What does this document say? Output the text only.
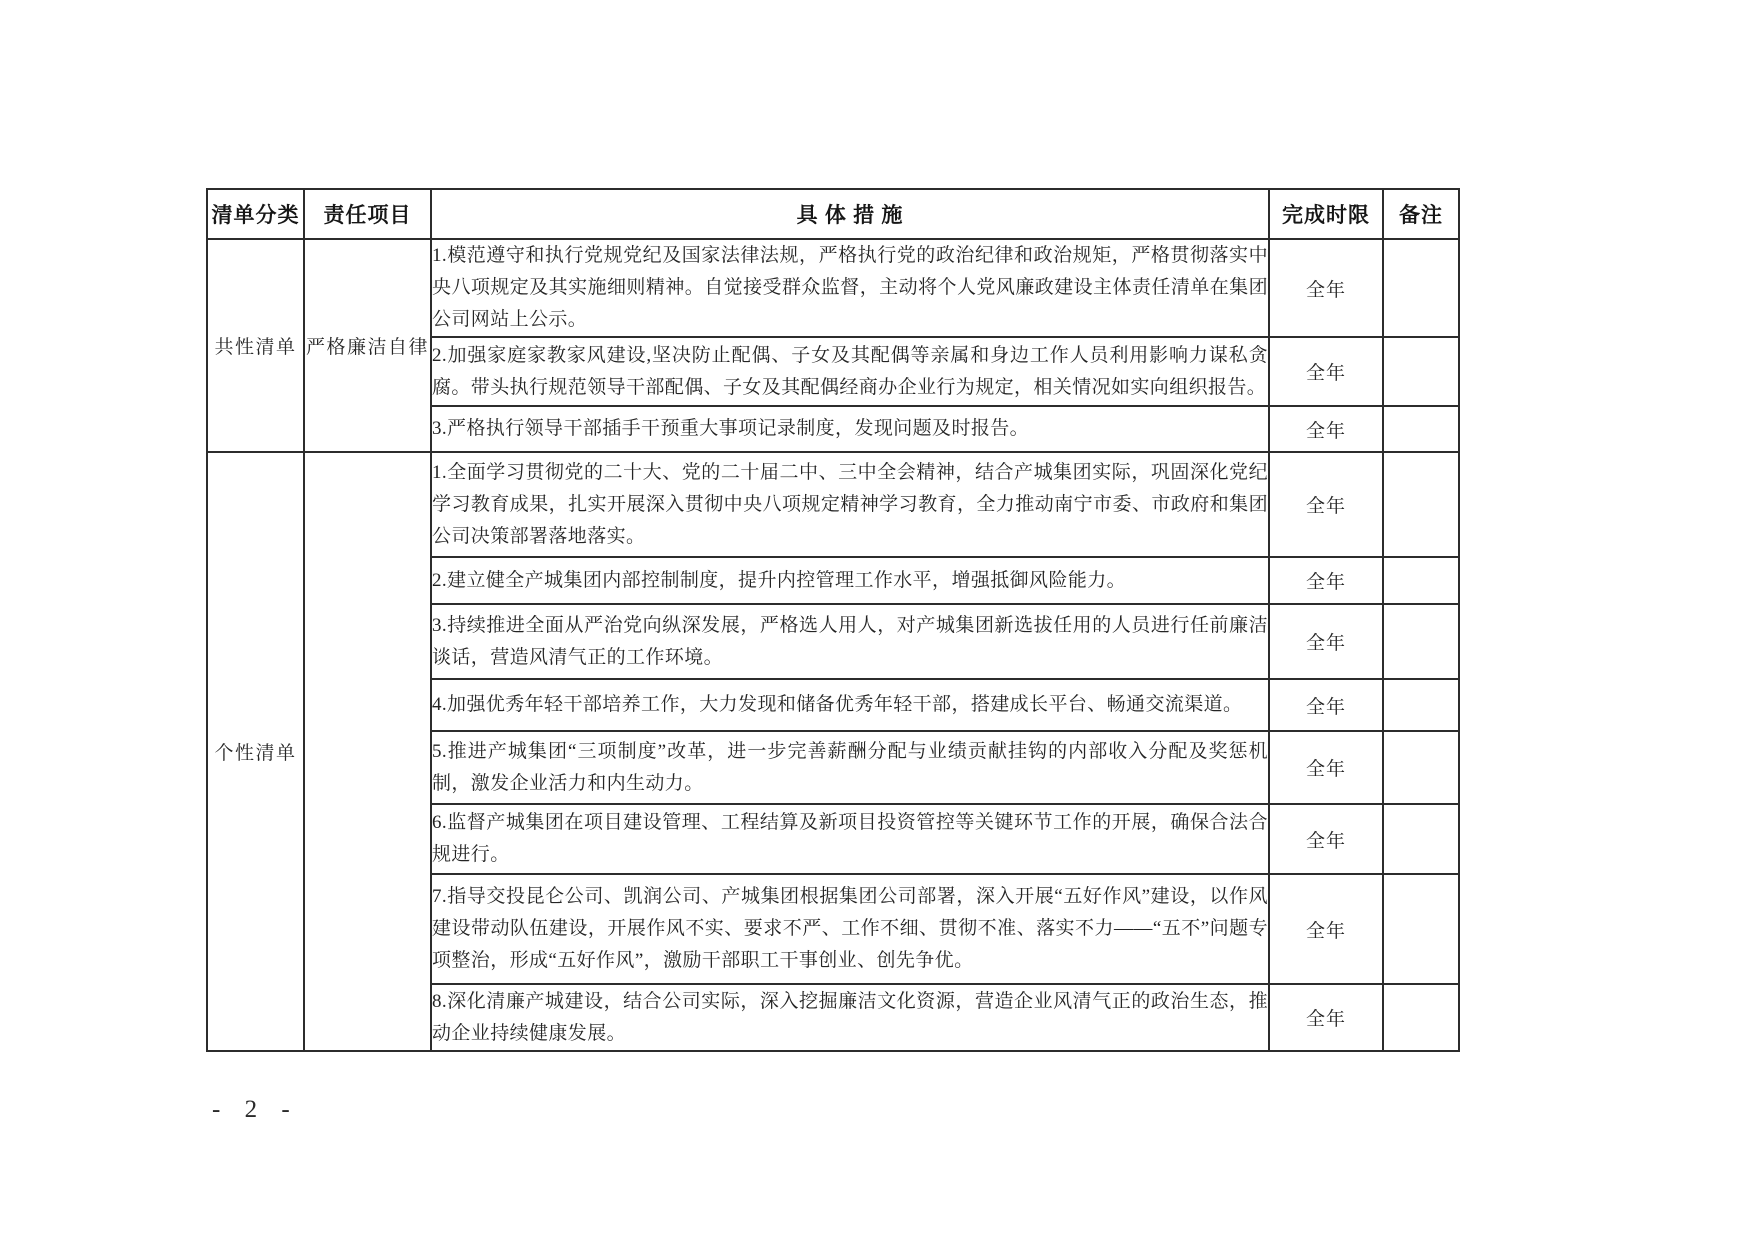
清单分类	责任项目	具 体 措 施	完成时限	备注
共性清单	严格廉洁自律	1.模范遵守和执行党规党纪及国家法律法规，严格执行党的政治纪律和政治规矩，严格贯彻落实中央八项规定及其实施细则精神。自觉接受群众监督，主动将个人党风廉政建设主体责任清单在集团公司网站上公示。	全年	
		2.加强家庭家教家风建设,坚决防止配偶、子女及其配偶等亲属和身边工作人员利用影响力谋私贪腐。带头执行规范领导干部配偶、子女及其配偶经商办企业行为规定，相关情况如实向组织报告。	全年	
		3.严格执行领导干部插手干预重大事项记录制度，发现问题及时报告。	全年	
个性清单		1.全面学习贯彻党的二十大、党的二十届二中、三中全会精神，结合产城集团实际，巩固深化党纪学习教育成果，扎实开展深入贯彻中央八项规定精神学习教育，全力推动南宁市委、市政府和集团公司决策部署落地落实。	全年	
		2.建立健全产城集团内部控制制度，提升内控管理工作水平，增强抵御风险能力。	全年	
		3.持续推进全面从严治党向纵深发展，严格选人用人，对产城集团新选拔任用的人员进行任前廉洁谈话，营造风清气正的工作环境。	全年	
		4.加强优秀年轻干部培养工作，大力发现和储备优秀年轻干部，搭建成长平台、畅通交流渠道。	全年	
		5.推进产城集团“三项制度”改革，进一步完善薪酬分配与业绩贡献挂钩的内部收入分配及奖惩机制，激发企业活力和内生动力。	全年	
		6.监督产城集团在项目建设管理、工程结算及新项目投资管控等关键环节工作的开展，确保合法合规进行。	全年	
		7.指导交投昆仑公司、凯润公司、产城集团根据集团公司部署，深入开展“五好作风”建设，以作风建设带动队伍建设，开展作风不实、要求不严、工作不细、贯彻不准、落实不力——“五不”问题专项整治，形成“五好作风”，激励干部职工干事创业、创先争优。	全年	
		8.深化清廉产城建设，结合公司实际，深入挖掘廉洁文化资源，营造企业风清气正的政治生态，推动企业持续健康发展。	全年	
- 2 -
